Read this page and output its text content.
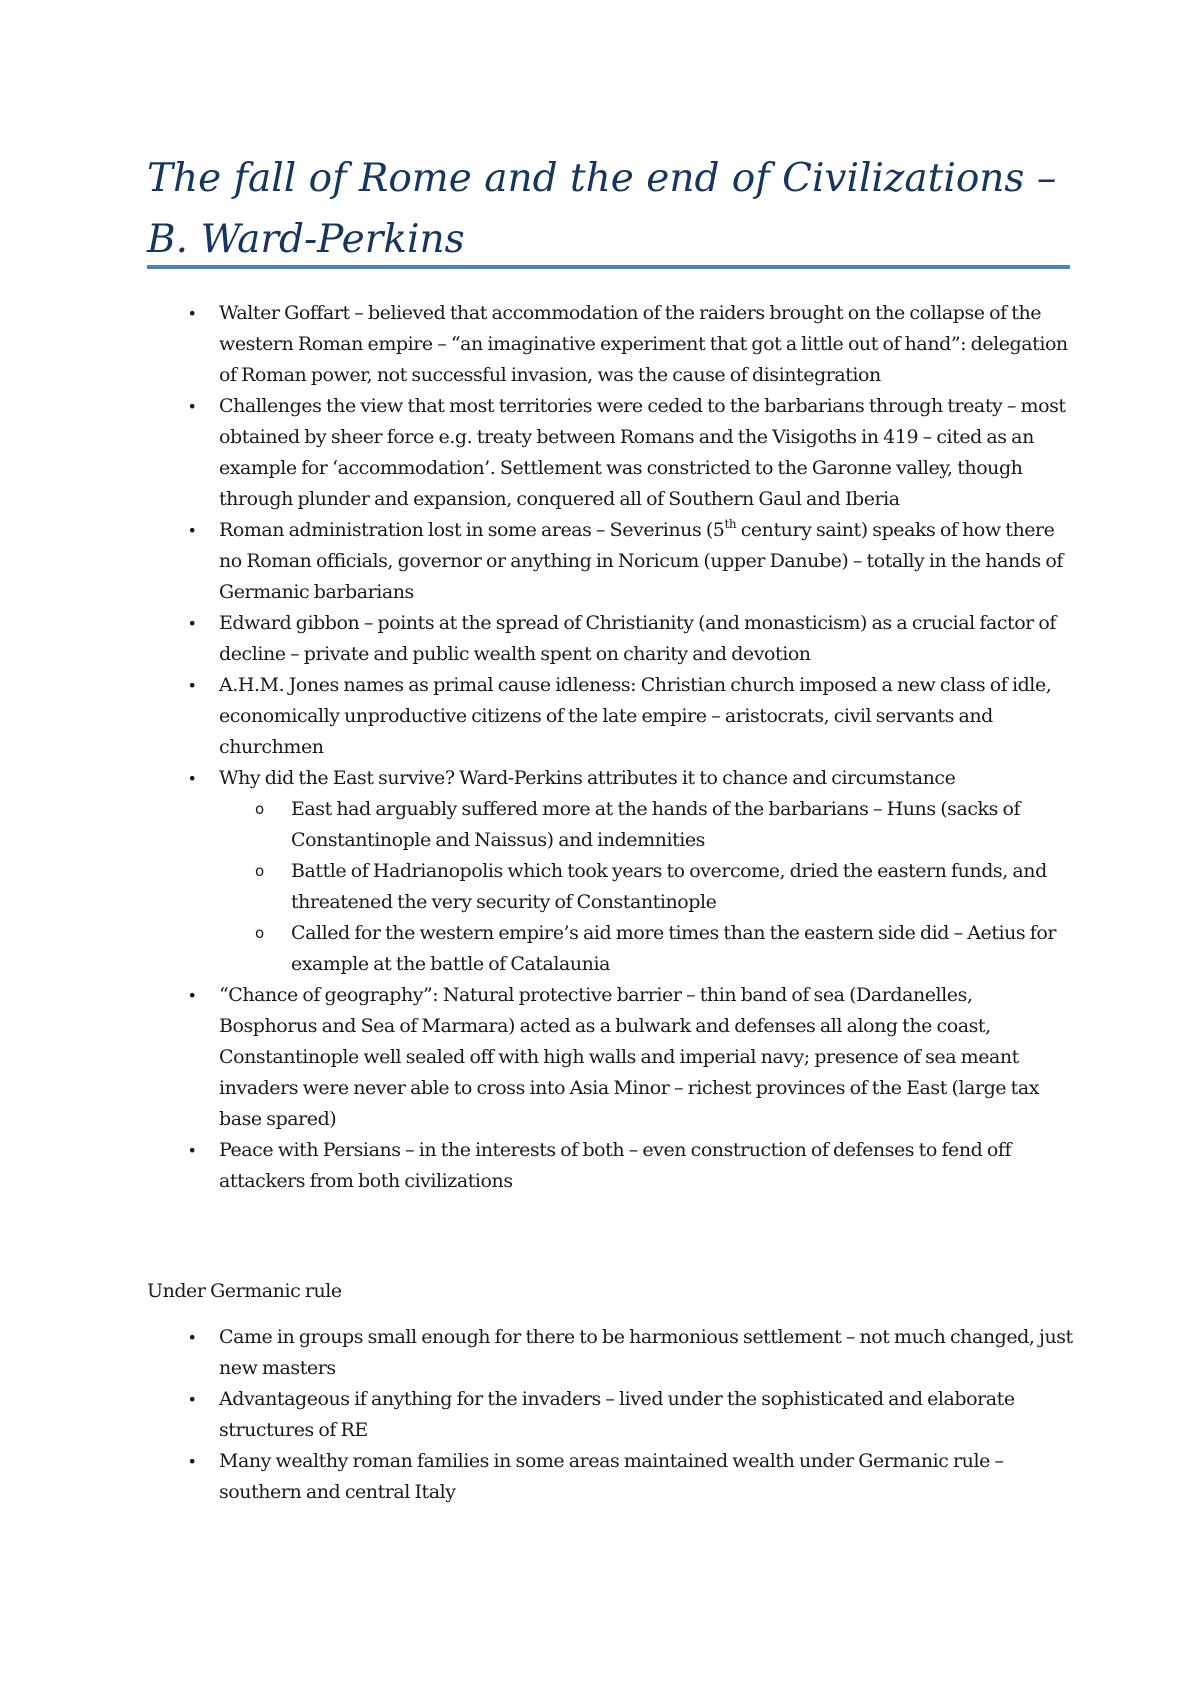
The fall of Rome and the end of Civilizations – B. Ward-Perkins
• Walter Goffart – believed that accommodation of the raiders brought on the collapse of the western Roman empire – “an imaginative experiment that got a little out of hand”: delegation of Roman power, not successful invasion, was the cause of disintegration
• Challenges the view that most territories were ceded to the barbarians through treaty – most obtained by sheer force e.g. treaty between Romans and the Visigoths in 419 – cited as an example for ‘accommodation’. Settlement was constricted to the Garonne valley, though through plunder and expansion, conquered all of Southern Gaul and Iberia
• Roman administration lost in some areas – Severinus (5th century saint) speaks of how there no Roman officials, governor or anything in Noricum (upper Danube) – totally in the hands of Germanic barbarians
• Edward gibbon – points at the spread of Christianity (and monasticism) as a crucial factor of decline – private and public wealth spent on charity and devotion
• A.H.M. Jones names as primal cause idleness: Christian church imposed a new class of idle, economically unproductive citizens of the late empire – aristocrats, civil servants and churchmen
• Why did the East survive? Ward-Perkins attributes it to chance and circumstance
o East had arguably suffered more at the hands of the barbarians – Huns (sacks of Constantinople and Naissus) and indemnities
o Battle of Hadrianopolis which took years to overcome, dried the eastern funds, and threatened the very security of Constantinople
o Called for the western empire’s aid more times than the eastern side did – Aetius for example at the battle of Catalaunia
• “Chance of geography”: Natural protective barrier – thin band of sea (Dardanelles, Bosphorus and Sea of Marmara) acted as a bulwark and defenses all along the coast, Constantinople well sealed off with high walls and imperial navy; presence of sea meant invaders were never able to cross into Asia Minor – richest provinces of the East (large tax base spared)
• Peace with Persians – in the interests of both – even construction of defenses to fend off attackers from both civilizations

Under Germanic rule

• Came in groups small enough for there to be harmonious settlement – not much changed, just new masters
• Advantageous if anything for the invaders – lived under the sophisticated and elaborate structures of RE
• Many wealthy roman families in some areas maintained wealth under Germanic rule – southern and central Italy
